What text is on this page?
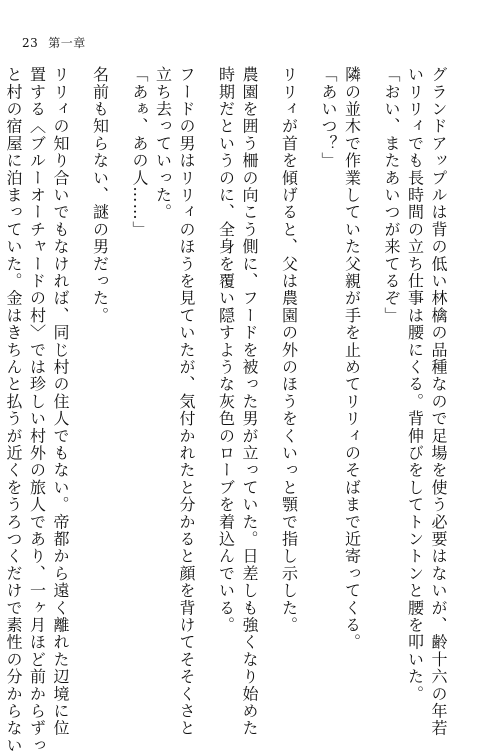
23 第一章
グランドアップルは背の低い林檎の品種なので足場を使う必要はないが、齢十六の年若
いリリィでも長時間の立ち仕事は腰にくる。背伸びをしてトントンと腰を叩いた。
「おい、またあいつが来てるぞ」
隣の並木で作業していた父親が手を止めてリリィのそばまで近寄ってくる。
「あいつ？」
リリィが首を傾げると、父は農園の外のほうをくいっと顎で指し示した。
農園を囲う柵の向こう側に、フードを被った男が立っていた。日差しも強くなり始めた
時期だというのに、全身を覆い隠すような灰色のローブを着込んでいる。
フードの男はリリィのほうを見ていたが、気付かれたと分かると顔を背けてそそくさと
立ち去っていった。
「あぁ、あの人……」
名前も知らない、謎の男だった。
リリィの知り合いでもなければ、同じ村の住人でもない。帝都から遠く離れた辺境に位
置する〈ブルーオーチャードの村〉では珍しい村外の旅人であり、一ヶ月ほど前からずっ
と村の宿屋に泊まっていた。金はきちんと払うが近くをうろつくだけで素性の分からない
